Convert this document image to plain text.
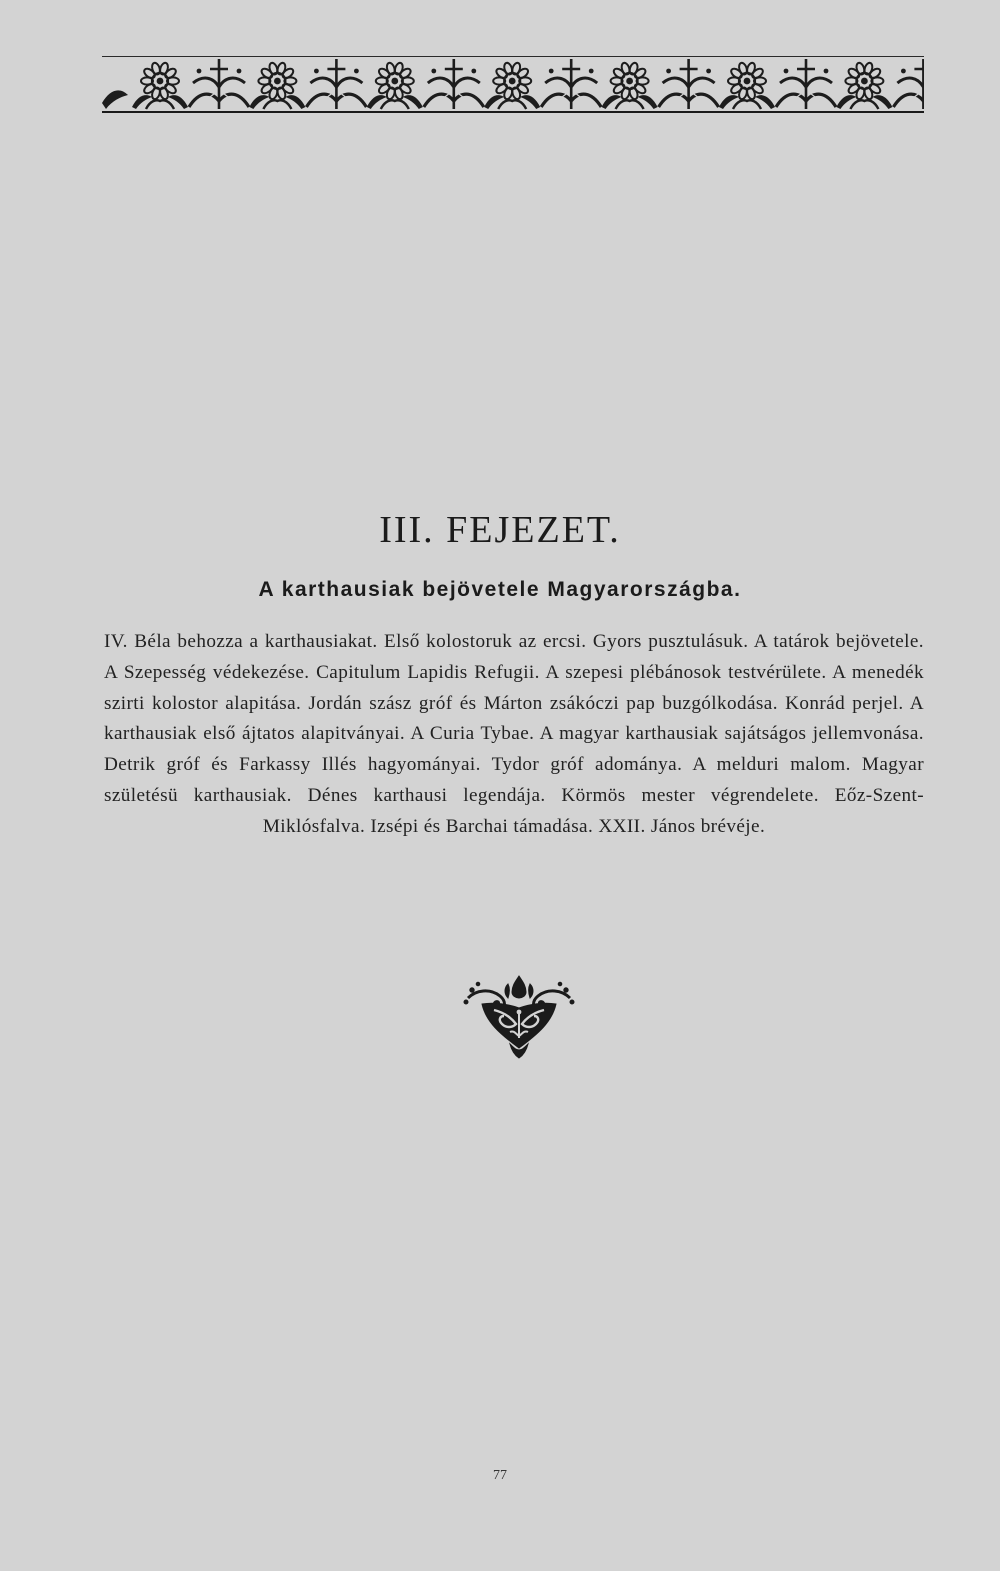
III. FEJEZET.
A karthausiak bejövetele Magyarországba.

IV. Béla behozza a karthausiakat. Első kolostoruk az ercsi. Gyors pusztulásuk. A tatárok bejövetele. A Szepesség védekezése. Capitulum Lapidis Refugii. A szepesi plébánosok testvérülete. A menedék szirti kolostor alapitása. Jordán szász gróf és Márton zsákóczi pap buzgólkodása. Konrád perjel. A karthausiak első ájtatos alapitványai. A Curia Tybae. A magyar karthausiak sajátságos jellemvonása. Detrik gróf és Farkassy Illés hagyományai. Tydor gróf adománya. A melduri malom. Magyar születésü karthausiak. Dénes karthausi legendája. Körmös mester végrendelete. Eőz-Szent-Miklósfalva. Izsépi és Barchai támadása. XXII. János brévéje.

77
